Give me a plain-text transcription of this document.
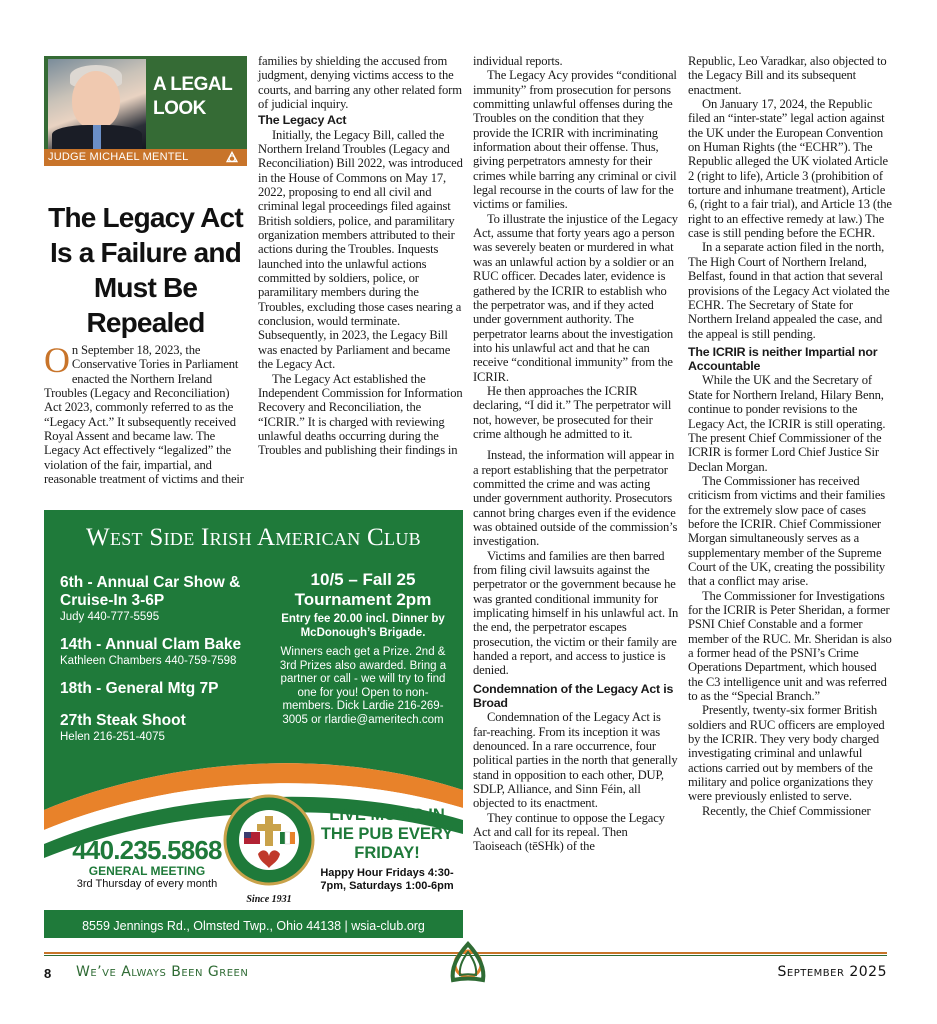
A LEGAL LOOK
JUDGE MICHAEL MENTEL
The Legacy Act Is a Failure and Must Be Repealed
O n September 18, 2023, the Conservative Tories in Parliament enacted the Northern Ireland Troubles (Legacy and Reconciliation) Act 2023, commonly referred to as the “Legacy Act.” It subsequently received Royal Assent and became law. The Legacy Act effectively “legalized” the violation of the fair, impartial, and reasonable treatment of victims and their

families by shielding the accused from judgment, denying victims access to the courts, and barring any other related form of judicial inquiry.

The Legacy Act

Initially, the Legacy Bill, called the Northern Ireland Troubles (Legacy and Reconciliation) Bill 2022, was introduced in the House of Commons on May 17, 2022, proposing to end all civil and criminal legal proceedings filed against British soldiers, police, and paramilitary organization members attributed to their actions during the Troubles. Inquests launched into the unlawful actions committed by soldiers, police, or paramilitary members during the Troubles, excluding those cases nearing a conclusion, would terminate. Subsequently, in 2023, the Legacy Bill was enacted by Parliament and became the Legacy Act.

The Legacy Act established the Independent Commission for Information Recovery and Reconciliation, the “ICRIR.” It is charged with reviewing unlawful deaths occurring during the Troubles and publishing their findings in

individual reports.

The Legacy Acy provides “conditional immunity” from prosecution for persons committing unlawful offenses during the Troubles on the condition that they provide the ICRIR with incriminating information about their offense. Thus, giving perpetrators amnesty for their crimes while barring any criminal or civil legal recourse in the courts of law for the victims or families.

To illustrate the injustice of the Legacy Act, assume that forty years ago a person was severely beaten or murdered in what was an unlawful action by a soldier or an RUC officer. Decades later, evidence is gathered by the ICRIR to establish who the perpetrator was, and if they acted under government authority. The perpetrator learns about the investigation into his unlawful act and that he can receive “conditional immunity” from the ICRIR.

He then approaches the ICRIR declaring, “I did it.” The perpetrator will not, however, be prosecuted for their crime although he admitted to it.

Instead, the information will appear in a report establishing that the perpetrator committed the crime and was acting under government authority. Prosecutors cannot bring charges even if the evidence was obtained outside of the commission’s investigation.

Victims and families are then barred from filing civil lawsuits against the perpetrator or the government because he was granted conditional immunity for implicating himself in his unlawful act. In the end, the perpetrator escapes prosecution, the victim or their family are handed a report, and access to justice is denied.

Condemnation of the Legacy Act is Broad

Condemnation of the Legacy Act is far-reaching. From its inception it was denounced. In a rare occurrence, four political parties in the north that generally stand in opposition to each other, DUP, SDLP, Alliance, and Sinn Féin, all objected to its enactment.

They continue to oppose the Legacy Act and call for its repeal. Then Taoiseach (tēSHk) of the

Republic, Leo Varadkar, also objected to the Legacy Bill and its subsequent enactment.

On January 17, 2024, the Republic filed an “inter-state” legal action against the UK under the European Convention on Human Rights (the “ECHR”). The Republic alleged the UK violated Article 2 (right to life), Article 3 (prohibition of torture and inhumane treatment), Article 6, (right to a fair trial), and Article 13 (the right to an effective remedy at law.) The case is still pending before the ECHR.

In a separate action filed in the north, The High Court of Northern Ireland, Belfast, found in that action that several provisions of the Legacy Act violated the ECHR. The Secretary of State for Northern Ireland appealed the case, and the appeal is still pending.

The ICRIR is neither Impartial nor Accountable

While the UK and the Secretary of State for Northern Ireland, Hilary Benn, continue to ponder revisions to the Legacy Act, the ICRIR is still operating. The present Chief Commissioner of the ICRIR is former Lord Chief Justice Sir Declan Morgan.

The Commissioner has received criticism from victims and their families for the extremely slow pace of cases before the ICRIR. Chief Commissioner Morgan simultaneously serves as a supplementary member of the Supreme Court of the UK, creating the possibility that a conflict may arise.

The Commissioner for Investigations for the ICRIR is Peter Sheridan, a former PSNI Chief Constable and a former member of the RUC. Mr. Sheridan is also a former head of the PSNI’s Crime Operations Department, which housed the C3 intelligence unit and was referred to as the “Special Branch.”

Presently, twenty-six former British soldiers and RUC officers are employed by the ICRIR. They very body charged investigating criminal and unlawful actions carried out by members of the military and police organizations they were previously enlisted to serve.

Recently, the Chief Commissioner

West Side Irish American Club
6th - Annual Car Show & Cruise-In 3-6P
Judy 440-777-5595
14th - Annual Clam Bake
Kathleen Chambers 440-759-7598
18th - General Mtg 7P
27th Steak Shoot
Helen 216-251-4075
10/5 – Fall 25 Tournament 2pm
Entry fee 20.00 incl. Dinner by McDonough’s Brigade.
Winners each get a Prize. 2nd & 3rd Prizes also awarded. Bring a partner or call - we will try to find one for you! Open to non-members. Dick Lardie 216-269-3005 or rlardie@ameritech.com
Since 1931
440.235.5868
GENERAL MEETING
3rd Thursday of every month
LIVE MUSIC IN THE PUB EVERY FRIDAY!
Happy Hour Fridays 4:30-7pm, Saturdays 1:00-6pm
8559 Jennings Rd., Olmsted Twp., Ohio 44138 | wsia-club.org
8 We’ve Always Been Green	September 2025
